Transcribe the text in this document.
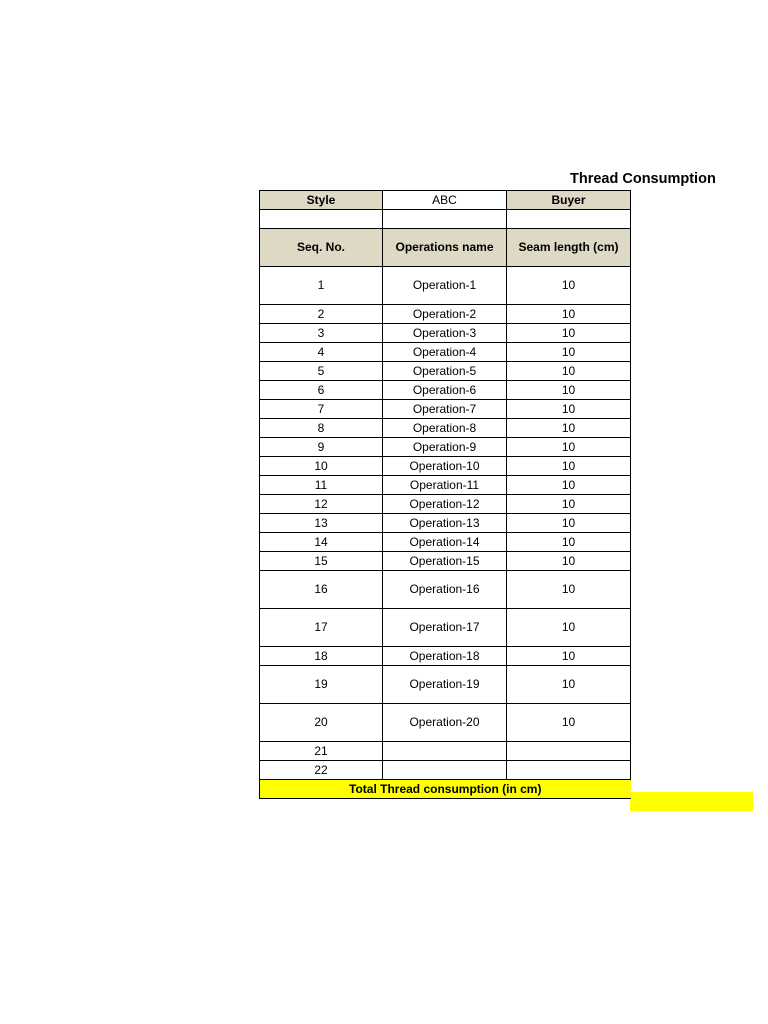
Thread Consumption
Style	ABC	Buyer

Seq. No.	Operations name	Seam length (cm)
1	Operation-1	10
2	Operation-2	10
3	Operation-3	10
4	Operation-4	10
5	Operation-5	10
6	Operation-6	10
7	Operation-7	10
8	Operation-8	10
9	Operation-9	10
10	Operation-10	10
11	Operation-11	10
12	Operation-12	10
13	Operation-13	10
14	Operation-14	10
15	Operation-15	10
16	Operation-16	10
17	Operation-17	10
18	Operation-18	10
19	Operation-19	10
20	Operation-20	10
21		
22		
Total Thread consumption (in cm)		
